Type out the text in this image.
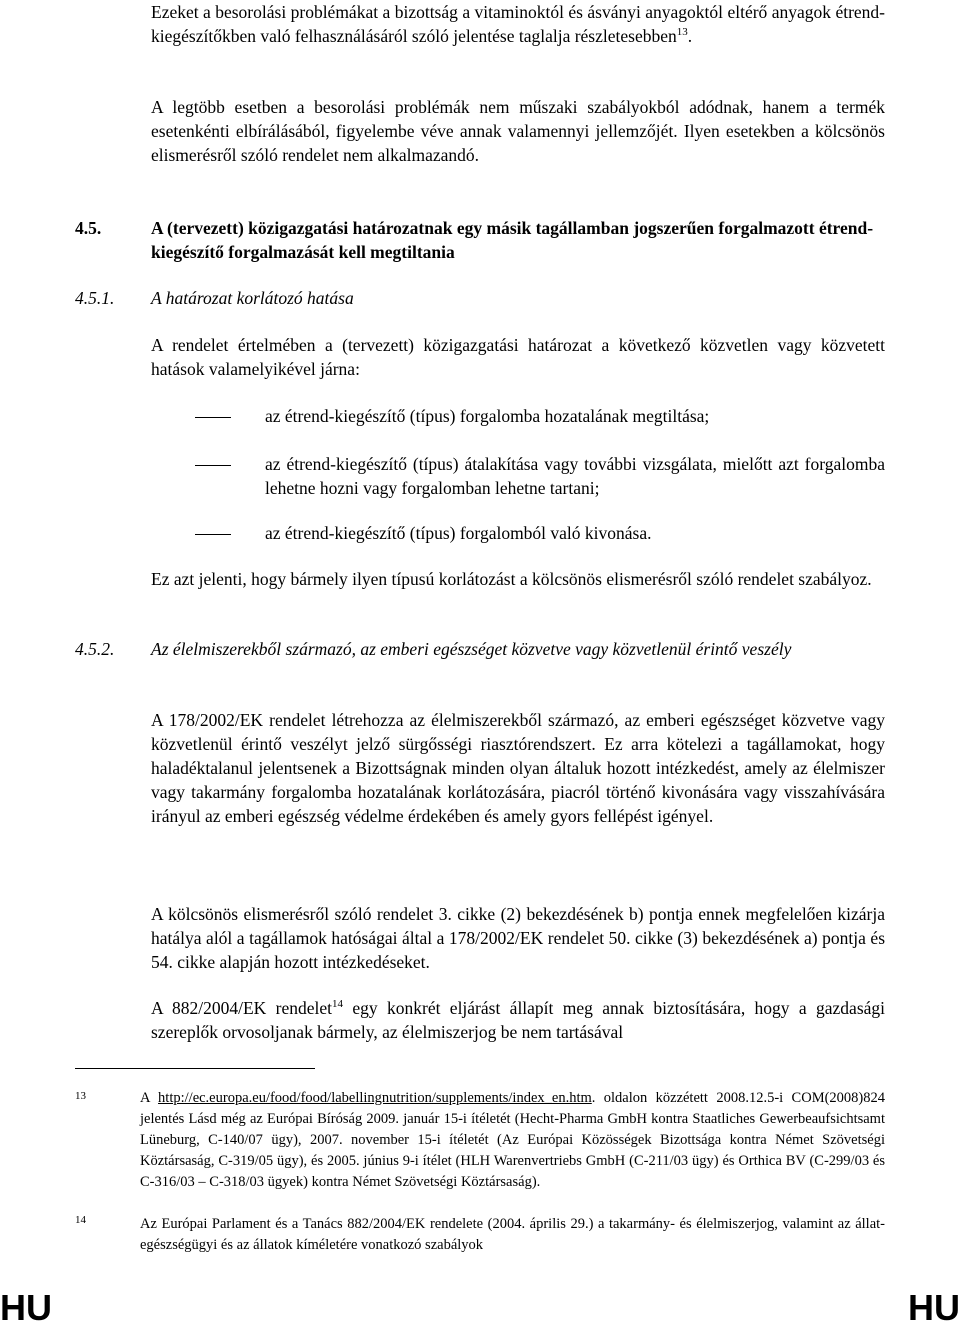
Ezeket a besorolási problémákat a bizottság a vitaminoktól és ásványi anyagoktól eltérő anyagok étrend-kiegészítőkben való felhasználásáról szóló jelentése taglalja részletesebben$^{13}$.

A legtöbb esetben a besorolási problémák nem műszaki szabályokból adódnak, hanem a termék esetenkénti elbírálásából, figyelembe véve annak valamennyi jellemzőjét. Ilyen esetekben a kölcsönös elismerésről szóló rendelet nem alkalmazandó.
4.5.	A (tervezett) közigazgatási határozatnak egy másik tagállamban jogszerűen forgalmazott étrend-kiegészítő forgalmazását kell megtiltania
4.5.1. A határozat korlátozó hatása
A rendelet értelmében a (tervezett) közigazgatási határozat a következő közvetlen vagy közvetett hatások valamelyikével járna:
az étrend-kiegészítő (típus) forgalomba hozatalának megtiltása;
az étrend-kiegészítő (típus) átalakítása vagy további vizsgálata, mielőtt azt forgalomba lehetne hozni vagy forgalomban lehetne tartani;
az étrend-kiegészítő (típus) forgalomból való kivonása.
Ez azt jelenti, hogy bármely ilyen típusú korlátozást a kölcsönös elismerésről szóló rendelet szabályoz.
4.5.2. Az élelmiszerekből származó, az emberi egészséget közvetve vagy közvetlenül érintő veszély
A 178/2002/EK rendelet létrehozza az élelmiszerekből származó, az emberi egészséget közvetve vagy közvetlenül érintő veszélyt jelző sürgősségi riasztórendszert. Ez arra kötelezi a tagállamokat, hogy haladéktalanul jelentsenek a Bizottságnak minden olyan általuk hozott intézkedést, amely az élelmiszer vagy takarmány forgalomba hozatalának korlátozására, piacról történő kivonására vagy visszahívására irányul az emberi egészség védelme érdekében és amely gyors fellépést igényel.
A kölcsönös elismerésről szóló rendelet 3. cikke (2) bekezdésének b) pontja ennek megfelelően kizárja hatálya alól a tagállamok hatóságai által a 178/2002/EK rendelet 50. cikke (3) bekezdésének a) pontja és 54. cikke alapján hozott intézkedéseket.

A 882/2004/EK rendelet$^{14}$ egy konkrét eljárást állapít meg annak biztosítására, hogy a gazdasági szereplők orvosoljanak bármely, az élelmiszerjog be nem tartásával

13	A http://ec.europa.eu/food/food/labellingnutrition/supplements/index_en.htm. oldalon közzétett 2008.12.5-i COM(2008)824 jelentés Lásd még az Európai Bíróság 2009. január 15-i ítéletét (Hecht-Pharma GmbH kontra Staatliches Gewerbeaufsichtsamt Lüneburg, C-140/07 ügy), 2007. november 15-i ítéletét (Az Európai Közösségek Bizottsága kontra Német Szövetségi Köztársaság, C-319/05 ügy), és 2005. június 9-i ítélet (HLH Warenvertriebs GmbH (C-211/03 ügy) és Orthica BV (C-299/03 és C-316/03 – C-318/03 ügyek) kontra Német Szövetségi Köztársaság).
14	Az Európai Parlament és a Tanács 882/2004/EK rendelete (2004. április 29.) a takarmány- és élelmiszerjog, valamint az állat-egészségügyi és az állatok kíméletére vonatkozó szabályok
HU	HU
